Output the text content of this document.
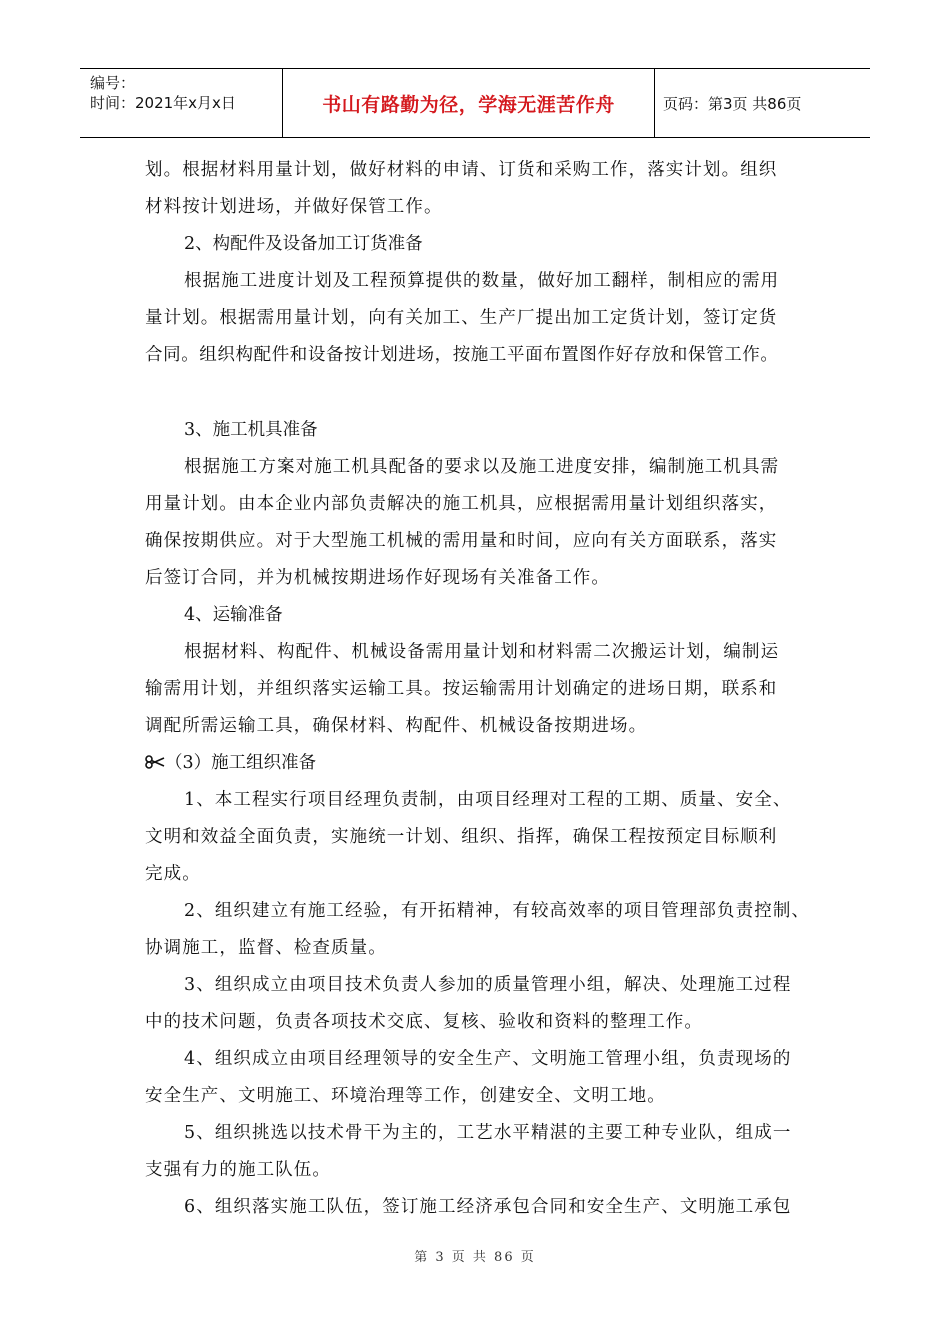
编号：
时间：2021年x月x日	书山有路勤为径，学海无涯苦作舟	页码：第3页 共86页
划。根据材料用量计划，做好材料的申请、订货和采购工作，落实计划。组织
材料按计划进场，并做好保管工作。
2、构配件及设备加工订货准备
根据施工进度计划及工程预算提供的数量，做好加工翻样，制相应的需用
量计划。根据需用量计划，向有关加工、生产厂提出加工定货计划，签订定货
合同。组织构配件和设备按计划进场，按施工平面布置图作好存放和保管工作。
3、施工机具准备
根据施工方案对施工机具配备的要求以及施工进度安排，编制施工机具需
用量计划。由本企业内部负责解决的施工机具，应根据需用量计划组织落实，
确保按期供应。对于大型施工机械的需用量和时间，应向有关方面联系，落实
后签订合同，并为机械按期进场作好现场有关准备工作。
4、运输准备
根据材料、构配件、机械设备需用量计划和材料需二次搬运计划，编制运
输需用计划，并组织落实运输工具。按运输需用计划确定的进场日期，联系和
调配所需运输工具，确保材料、构配件、机械设备按期进场。
（3）施工组织准备
1、本工程实行项目经理负责制，由项目经理对工程的工期、质量、安全、
文明和效益全面负责，实施统一计划、组织、指挥，确保工程按预定目标顺利
完成。
2、组织建立有施工经验，有开拓精神，有较高效率的项目管理部负责控制、
协调施工，监督、检查质量。
3、组织成立由项目技术负责人参加的质量管理小组，解决、处理施工过程
中的技术问题，负责各项技术交底、复核、验收和资料的整理工作。
4、组织成立由项目经理领导的安全生产、文明施工管理小组，负责现场的
安全生产、文明施工、环境治理等工作，创建安全、文明工地。
5、组织挑选以技术骨干为主的，工艺水平精湛的主要工种专业队，组成一
支强有力的施工队伍。
6、组织落实施工队伍，签订施工经济承包合同和安全生产、文明施工承包
第 3 页 共 86 页
